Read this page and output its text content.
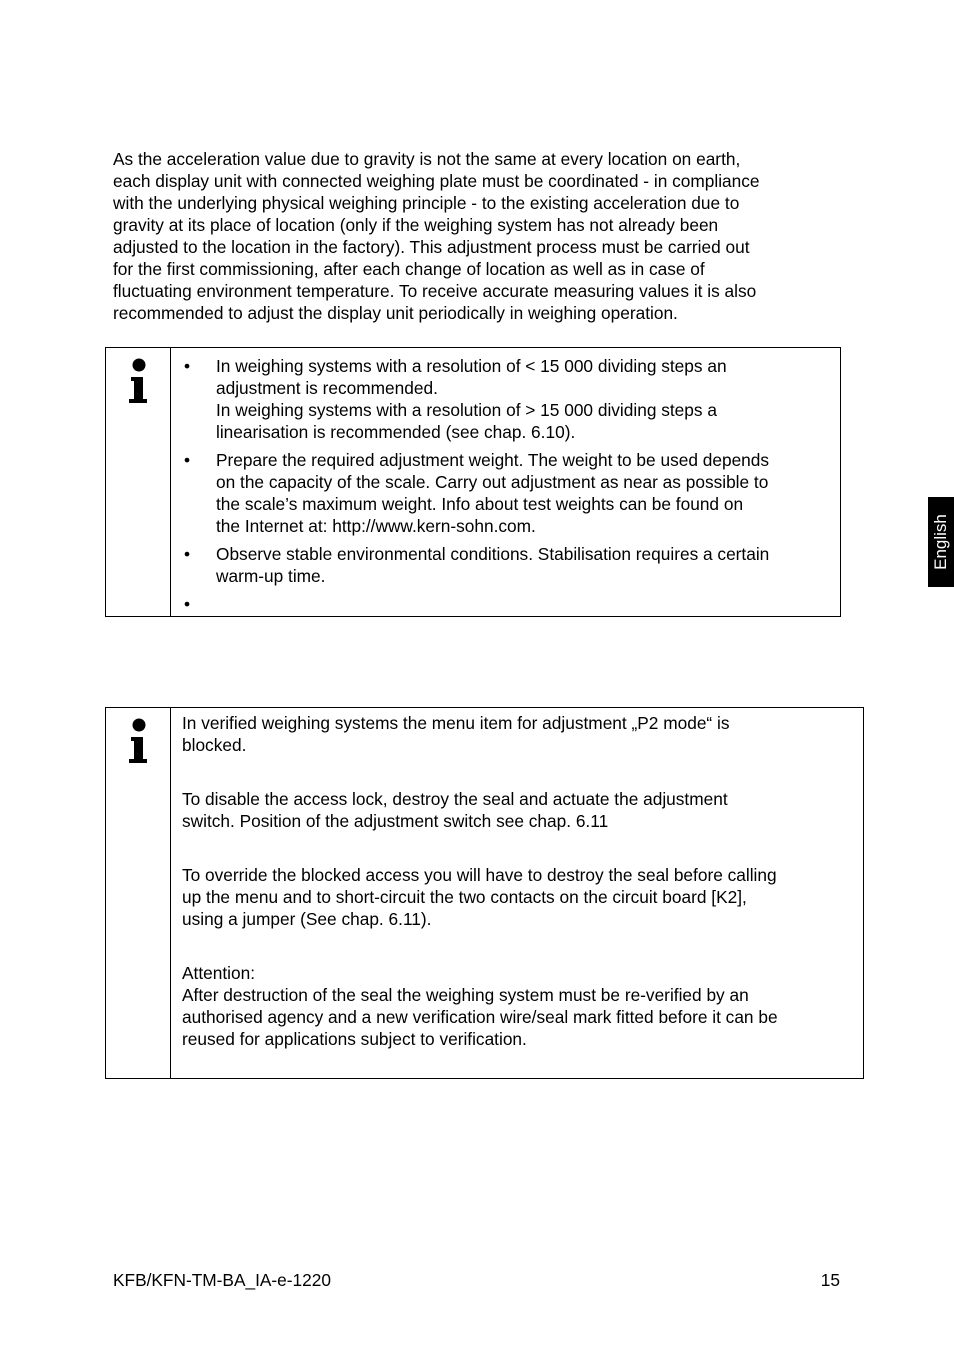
As the acceleration value due to gravity is not the same at every location on earth,
each display unit with connected weighing plate must be coordinated - in compliance
with the underlying physical weighing principle - to the existing acceleration due to
gravity at its place of location (only if the weighing system has not already been
adjusted to the location in the factory). This adjustment process must be carried out
for the first commissioning, after each change of location as well as in case of
fluctuating environment temperature. To receive accurate measuring values it is also
recommended to adjust the display unit periodically in weighing operation.

• In weighing systems with a resolution of < 15 000 dividing steps an
adjustment is recommended.
In weighing systems with a resolution of > 15 000 dividing steps a
linearisation is recommended (see chap. 6.10).
• Prepare the required adjustment weight. The weight to be used depends
on the capacity of the scale. Carry out adjustment as near as possible to
the scale’s maximum weight. Info about test weights can be found on
the Internet at: http://www.kern-sohn.com.
• Observe stable environmental conditions. Stabilisation requires a certain
warm-up time.
•

In verified weighing systems the menu item for adjustment „P2 mode“ is
blocked.

To disable the access lock, destroy the seal and actuate the adjustment
switch. Position of the adjustment switch see chap. 6.11

To override the blocked access you will have to destroy the seal before calling
up the menu and to short-circuit the two contacts on the circuit board [K2],
using a jumper (See chap. 6.11).

Attention:
After destruction of the seal the weighing system must be re-verified by an
authorised agency and a new verification wire/seal mark fitted before it can be
reused for applications subject to verification.

English
KFB/KFN-TM-BA_IA-e-1220	15
